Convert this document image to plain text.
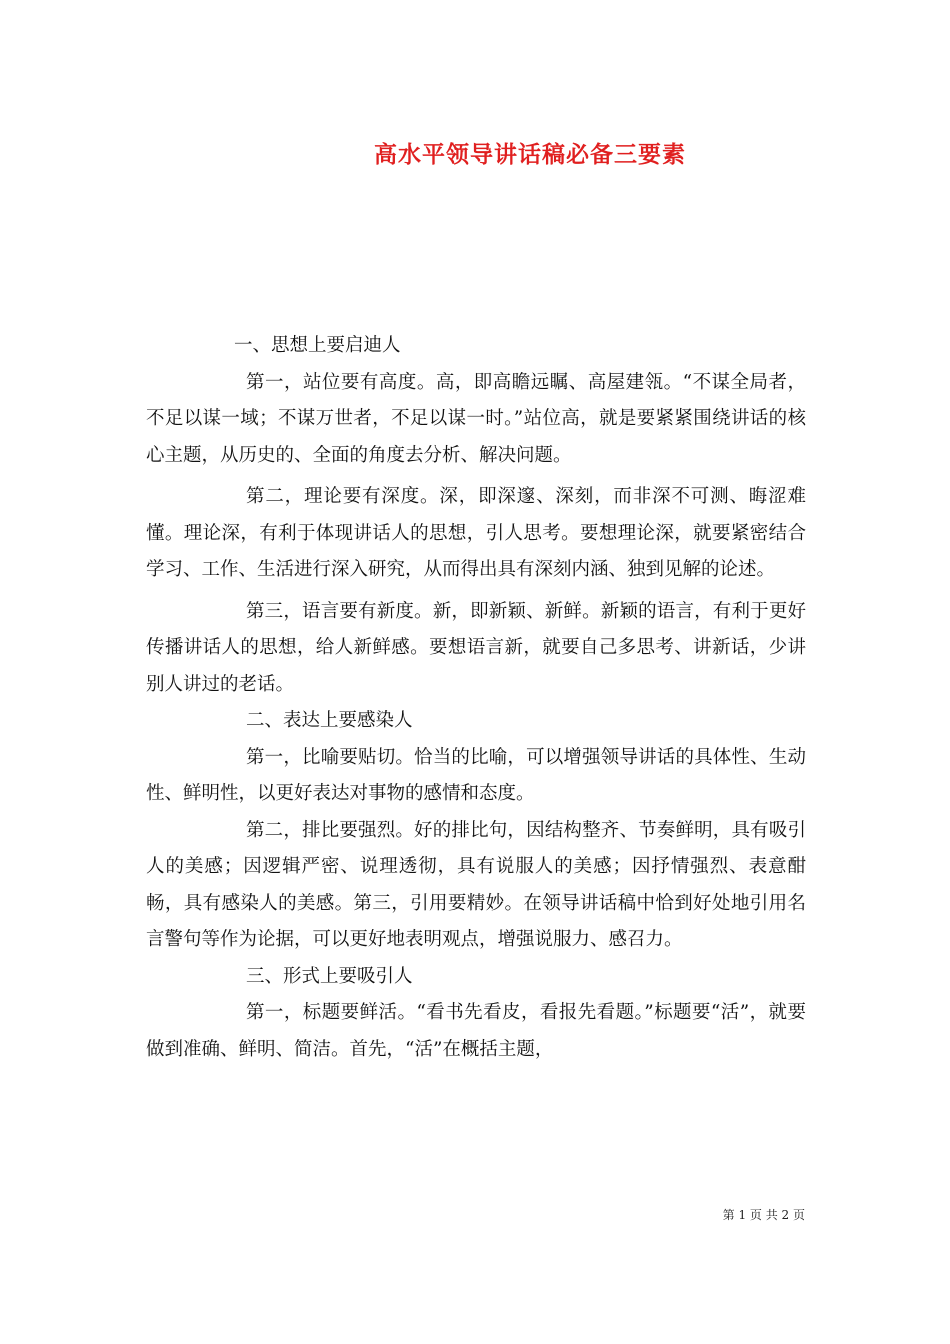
高水平领导讲话稿必备三要素

一、思想上要启迪人

第一，站位要有高度。高，即高瞻远瞩、高屋建瓴。“不谋全局者，不足以谋一域；不谋万世者，不足以谋一时。”站位高，就是要紧紧围绕讲话的核心主题，从历史的、全面的角度去分析、解决问题。

第二，理论要有深度。深，即深邃、深刻，而非深不可测、晦涩难懂。理论深，有利于体现讲话人的思想，引人思考。要想理论深，就要紧密结合学习、工作、生活进行深入研究，从而得出具有深刻内涵、独到见解的论述。

第三，语言要有新度。新，即新颖、新鲜。新颖的语言，有利于更好传播讲话人的思想，给人新鲜感。要想语言新，就要自己多思考、讲新话，少讲别人讲过的老话。

二、表达上要感染人

第一，比喻要贴切。恰当的比喻，可以增强领导讲话的具体性、生动性、鲜明性，以更好表达对事物的感情和态度。

第二，排比要强烈。好的排比句，因结构整齐、节奏鲜明，具有吸引人的美感；因逻辑严密、说理透彻，具有说服人的美感；因抒情强烈、表意酣畅，具有感染人的美感。第三，引用要精妙。在领导讲话稿中恰到好处地引用名言警句等作为论据，可以更好地表明观点，增强说服力、感召力。

三、形式上要吸引人

第一，标题要鲜活。“看书先看皮，看报先看题。”标题要“活”，就要做到准确、鲜明、简洁。首先，“活”在概括主题，

第 1 页 共 2 页
